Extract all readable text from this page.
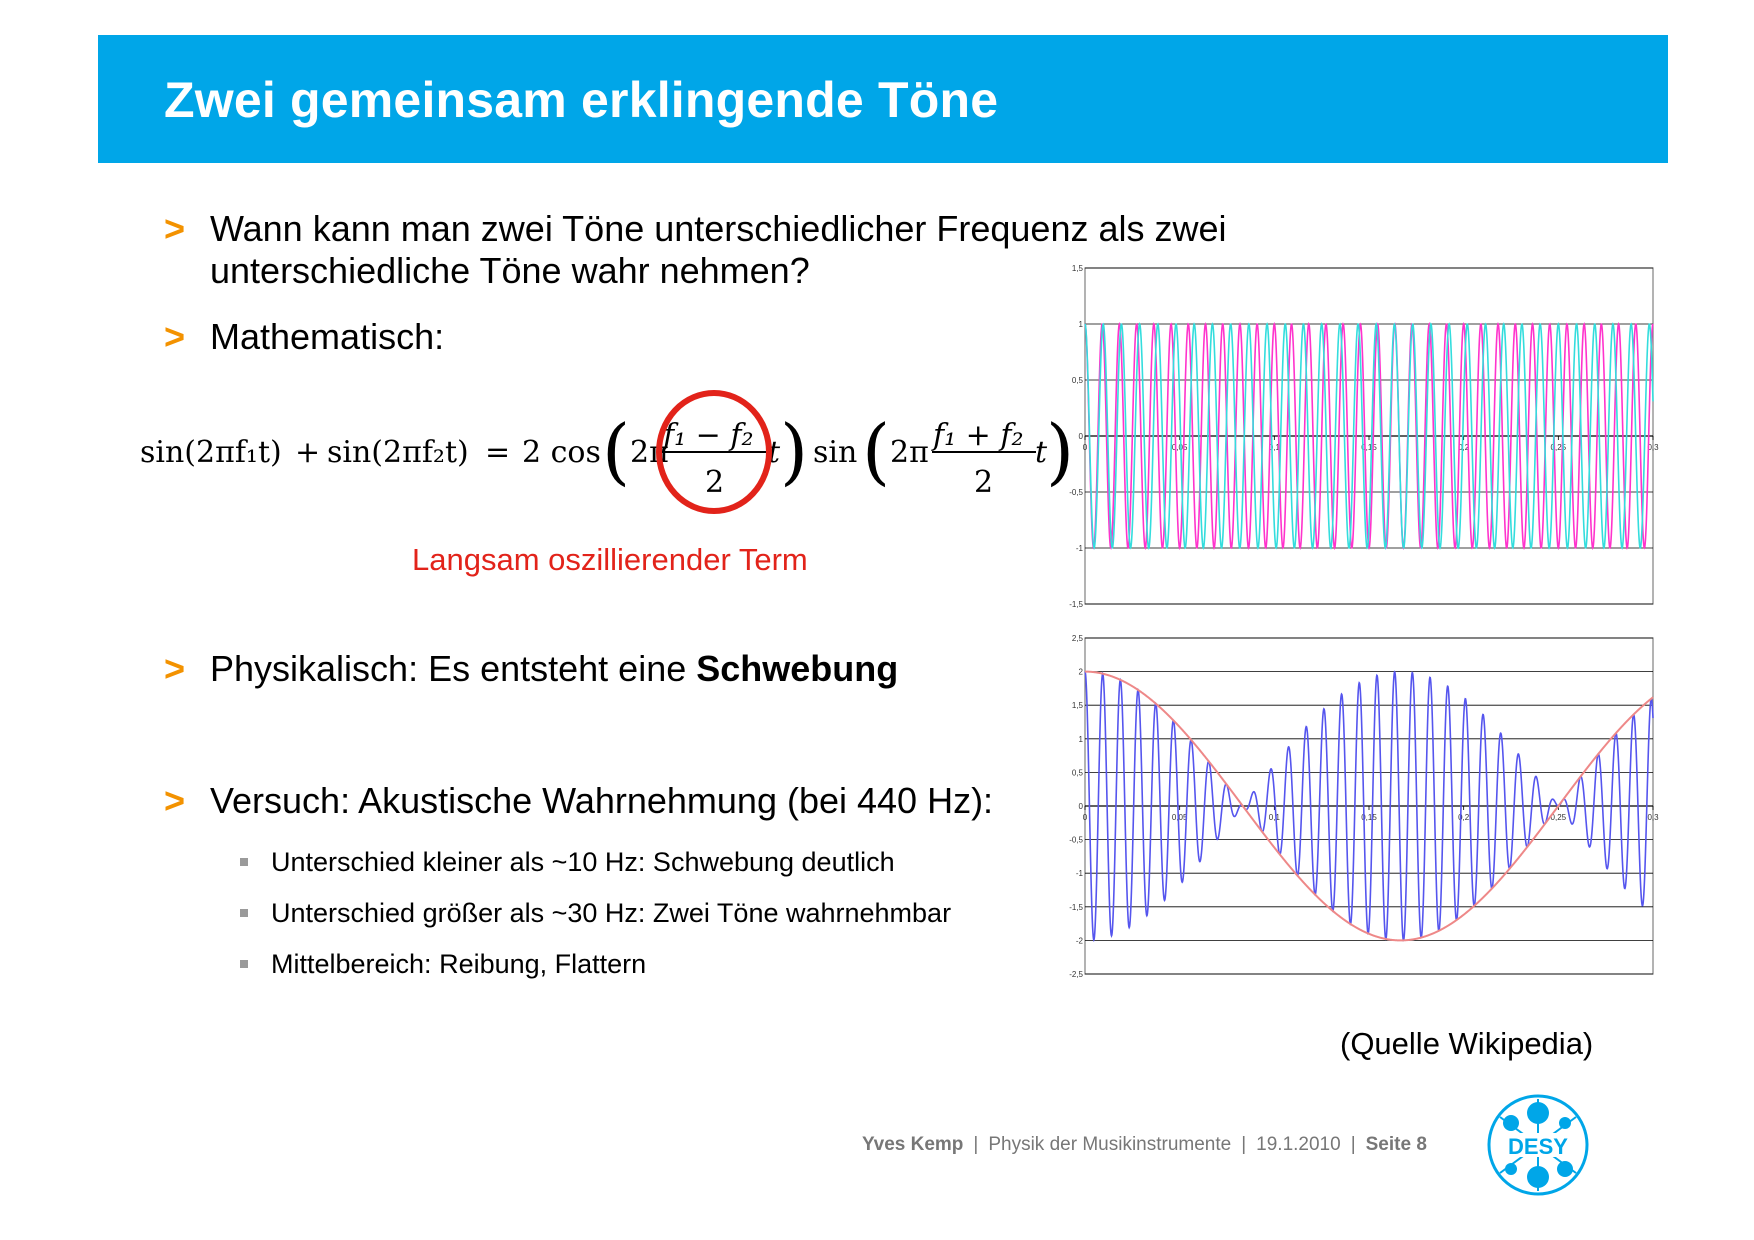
Zwei gemeinsam erklingende Töne
> Wann kann man zwei Töne unterschiedlicher Frequenz als zwei unterschiedliche Töne wahr nehmen?
> Mathematisch:
> Physikalisch: Es entsteht eine Schwebung
> Versuch: Akustische Wahrnehmung (bei 440 Hz):
Unterschied kleiner als ~10 Hz: Schwebung deutlich
Unterschied größer als ~30 Hz: Zwei Töne wahrnehmbar
Mittelbereich: Reibung, Flattern
sin(2πf₁t) + sin(2πf₂t) = 2 cos ( 2π
f₁ − f₂
2
t ) sin ( 2π f₁ + f₂
2
t
)
Langsam oszillierender Term
1,5
1
0,5
0
-0,5
-1
-1,5
0	0,05	0,1	0,15	0,2	0,25	0,3
2,5
2
1,5
1
0,5
0
-0,5
-1
-1,5
-2
-2,5
0	0,05	0,1	0,15	0,2	0,25	0,3
(Quelle Wikipedia)
Yves Kemp | Physik der Musikinstrumente | 19.1.2010 | Seite 8	DESY
